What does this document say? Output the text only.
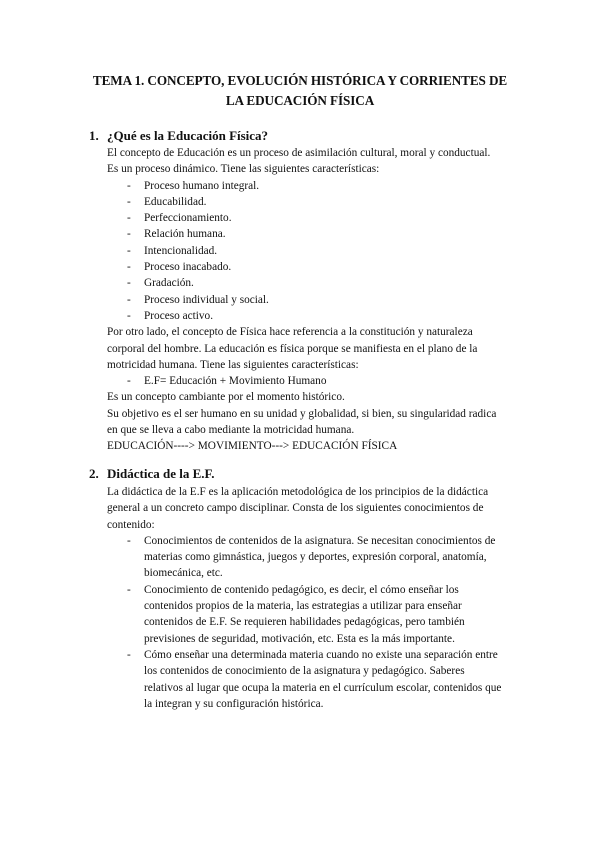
TEMA 1. CONCEPTO, EVOLUCIÓN HISTÓRICA Y CORRIENTES DE
LA EDUCACIÓN FÍSICA
1. ¿Qué es la Educación Física?
El concepto de Educación es un proceso de asimilación cultural, moral y conductual.
Es un proceso dinámico. Tiene las siguientes características:
- Proceso humano integral.
- Educabilidad.
- Perfeccionamiento.
- Relación humana.
- Intencionalidad.
- Proceso inacabado.
- Gradación.
- Proceso individual y social.
- Proceso activo.
Por otro lado, el concepto de Física hace referencia a la constitución y naturaleza
corporal del hombre. La educación es física porque se manifiesta en el plano de la
motricidad humana. Tiene las siguientes características:
- E.F= Educación + Movimiento Humano
Es un concepto cambiante por el momento histórico.
Su objetivo es el ser humano en su unidad y globalidad, si bien, su singularidad radica
en que se lleva a cabo mediante la motricidad humana.
EDUCACIÓN----> MOVIMIENTO---> EDUCACIÓN FÍSICA
2. Didáctica de la E.F.
La didáctica de la E.F es la aplicación metodológica de los principios de la didáctica
general a un concreto campo disciplinar. Consta de los siguientes conocimientos de
contenido:
- Conocimientos de contenidos de la asignatura. Se necesitan conocimientos de
materias como gimnástica, juegos y deportes, expresión corporal, anatomía,
biomecánica, etc.
- Conocimiento de contenido pedagógico, es decir, el cómo enseñar los
contenidos propios de la materia, las estrategias a utilizar para enseñar
contenidos de E.F. Se requieren habilidades pedagógicas, pero también
previsiones de seguridad, motivación, etc. Esta es la más importante.
- Cómo enseñar una determinada materia cuando no existe una separación entre
los contenidos de conocimiento de la asignatura y pedagógico. Saberes
relativos al lugar que ocupa la materia en el currículum escolar, contenidos que
la integran y su configuración histórica.
